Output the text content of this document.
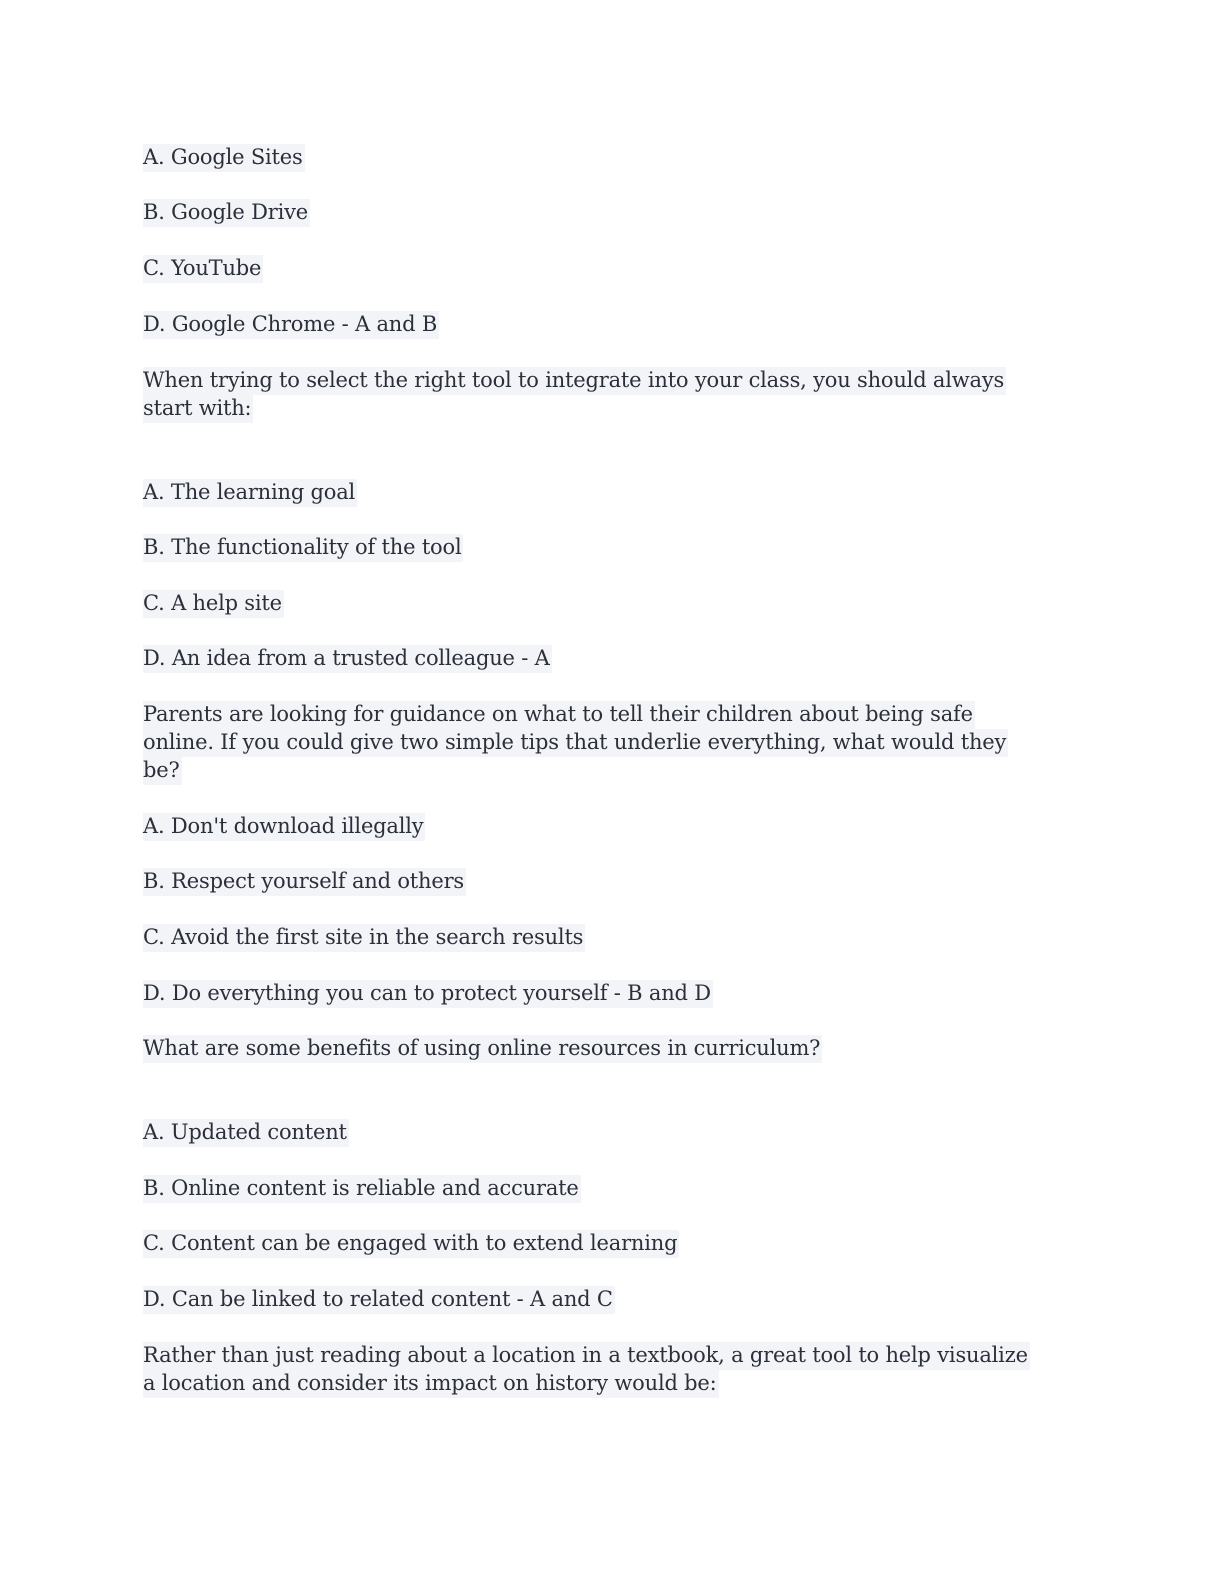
A. Google Sites
B. Google Drive
C. YouTube
D. Google Chrome - A and B
When trying to select the right tool to integrate into your class, you should always start with:
A. The learning goal
B. The functionality of the tool
C. A help site
D. An idea from a trusted colleague - A
Parents are looking for guidance on what to tell their children about being safe online. If you could give two simple tips that underlie everything, what would they be?
A. Don't download illegally
B. Respect yourself and others
C. Avoid the first site in the search results
D. Do everything you can to protect yourself - B and D
What are some benefits of using online resources in curriculum?
A. Updated content
B. Online content is reliable and accurate
C. Content can be engaged with to extend learning
D. Can be linked to related content - A and C
Rather than just reading about a location in a textbook, a great tool to help visualize a location and consider its impact on history would be:
